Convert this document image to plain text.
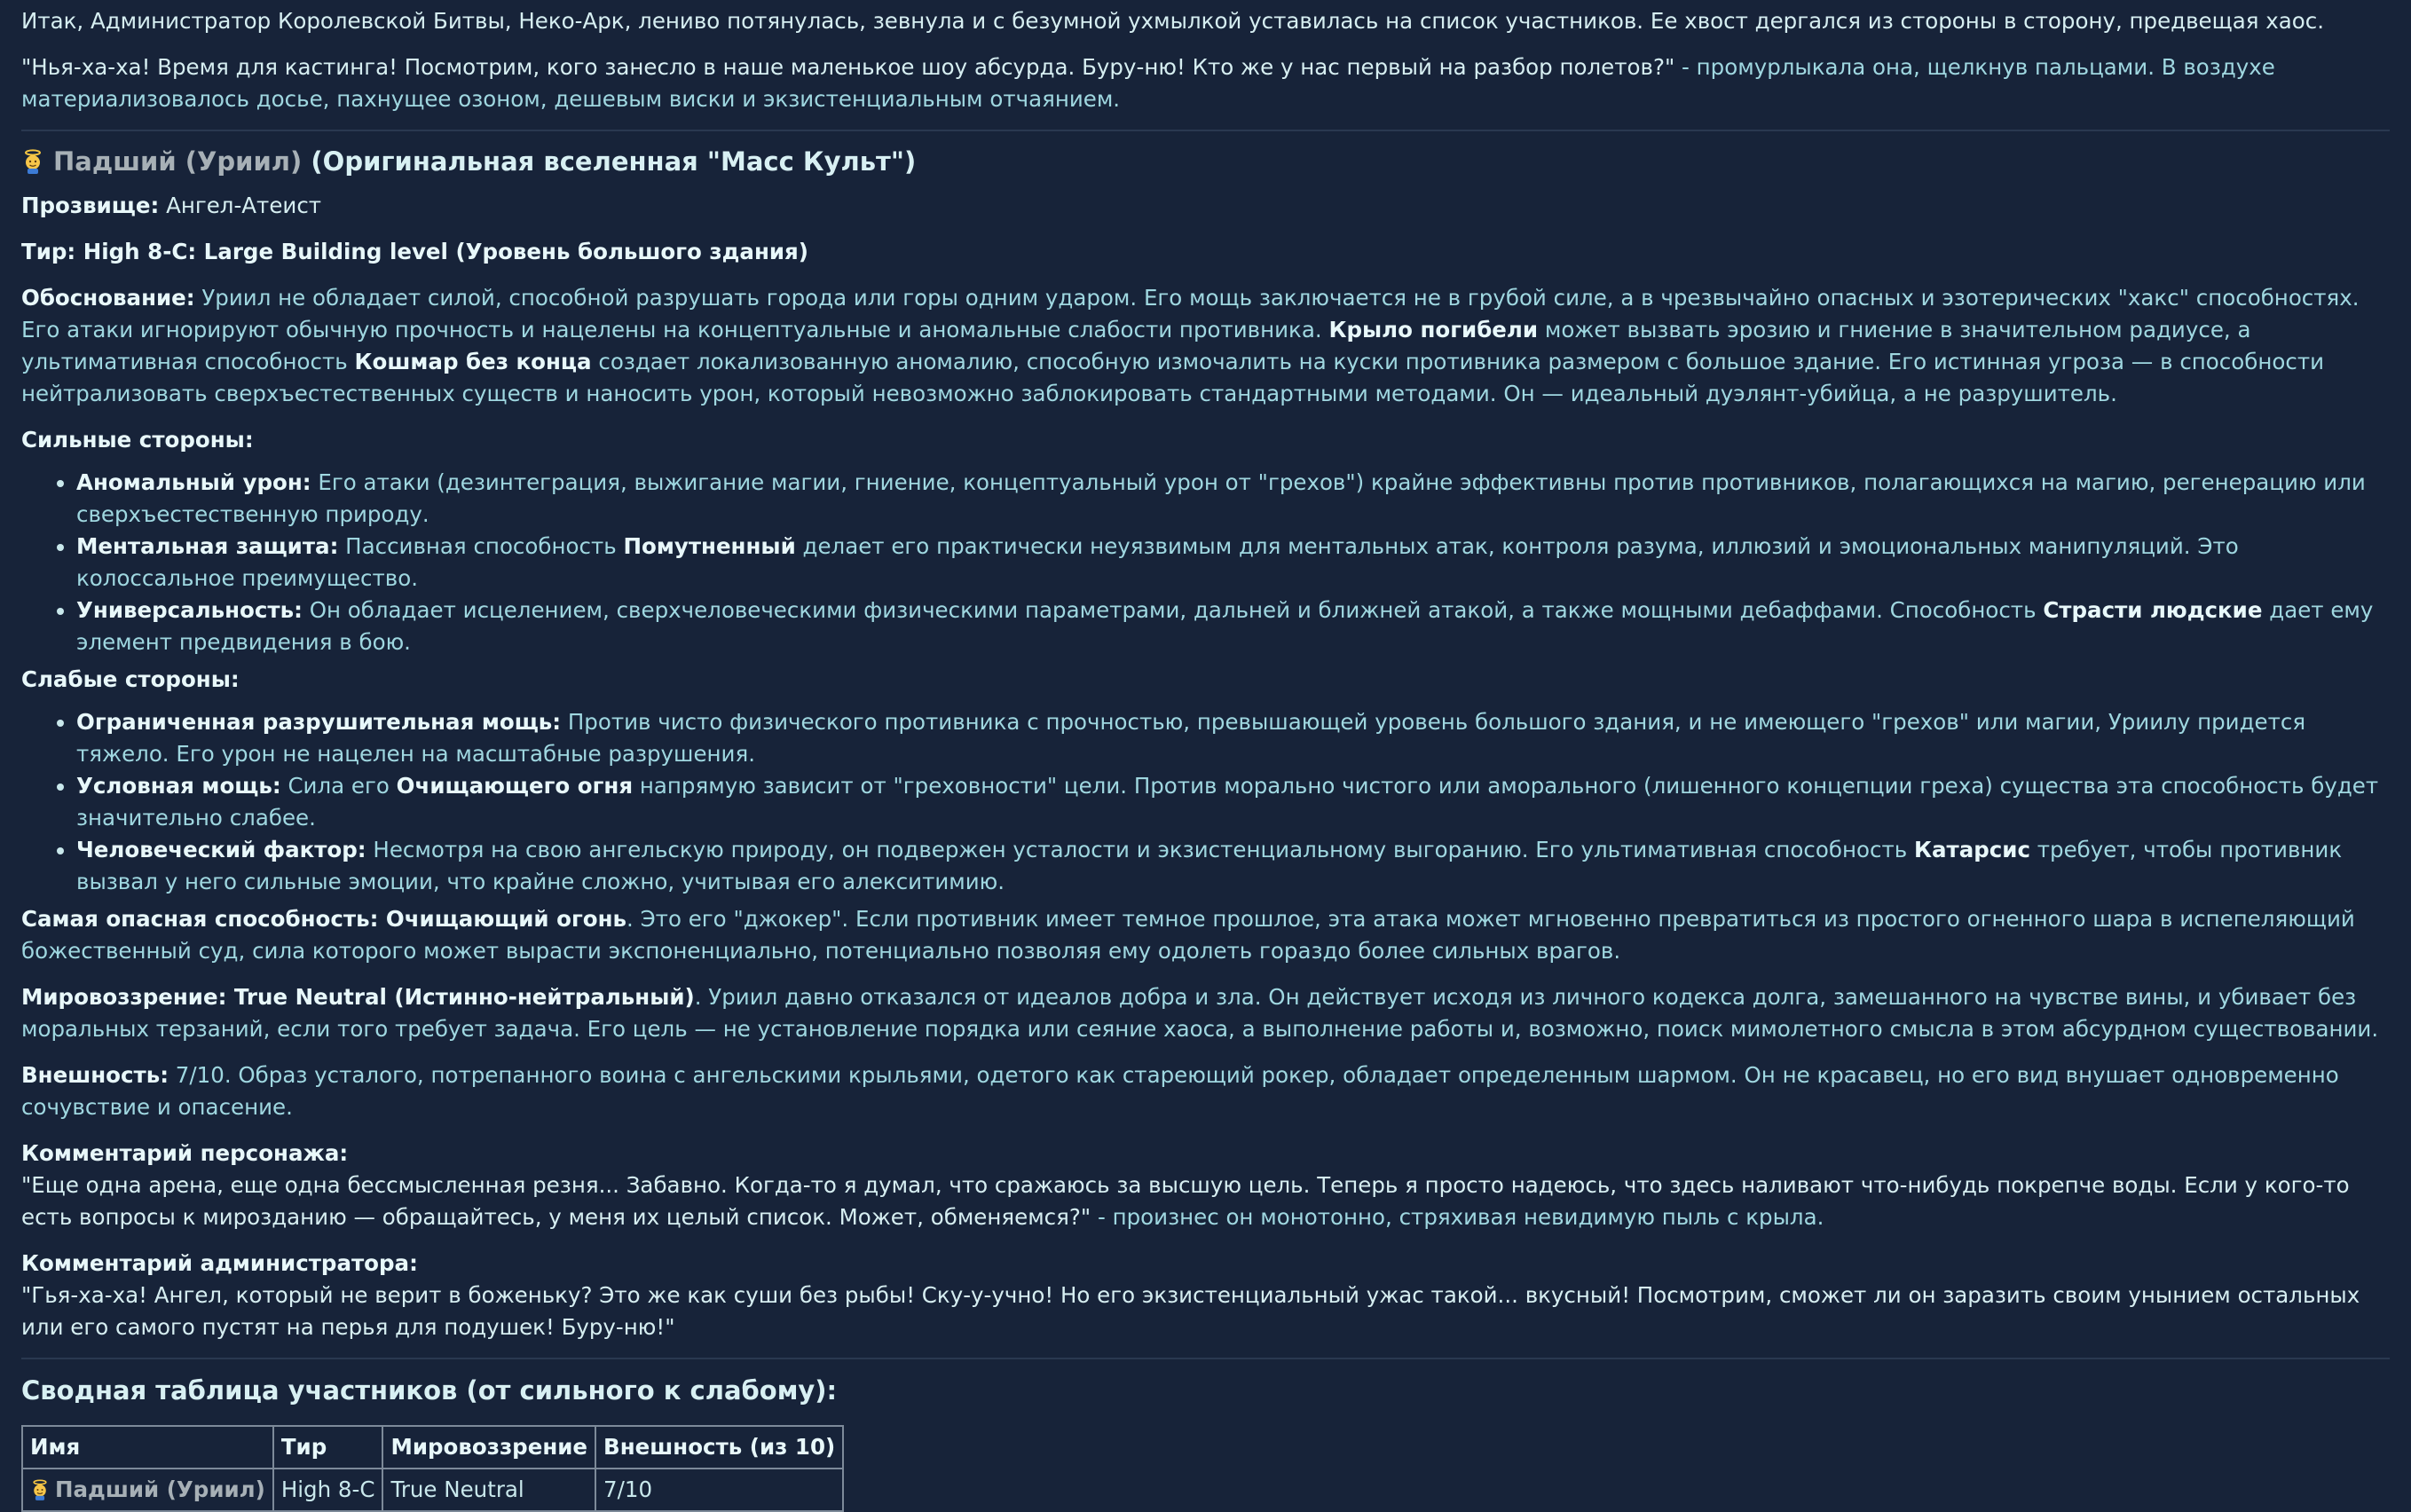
Итак, Администратор Королевской Битвы, Неко-Арк, лениво потянулась, зевнула и с безумной ухмылкой уставилась на список участников. Ее хвост дергался из стороны в сторону, предвещая хаос.

"Нья-ха-ха! Время для кастинга! Посмотрим, кого занесло в наше маленькое шоу абсурда. Буру-ню! Кто же у нас первый на разбор полетов?" - промурлыкала она, щелкнув пальцами. В воздухе материализовалось досье, пахнущее озоном, дешевым виски и экзистенциальным отчаянием.

Падший (Уриил) (Оригинальная вселенная "Масс Культ")

Прозвище: Ангел-Атеист

Тир: High 8-C: Large Building level (Уровень большого здания)

Обоснование: Уриил не обладает силой, способной разрушать города или горы одним ударом. Его мощь заключается не в грубой силе, а в чрезвычайно опасных и эзотерических "хакс" способностях. Его атаки игнорируют обычную прочность и нацелены на концептуальные и аномальные слабости противника. Крыло погибели может вызвать эрозию и гниение в значительном радиусе, а ультимативная способность Кошмар без конца создает локализованную аномалию, способную измочалить на куски противника размером с большое здание. Его истинная угроза — в способности нейтрализовать сверхъестественных существ и наносить урон, который невозможно заблокировать стандартными методами. Он — идеальный дуэлянт-убийца, а не разрушитель.

Сильные стороны:

• Аномальный урон: Его атаки (дезинтеграция, выжигание магии, гниение, концептуальный урон от "грехов") крайне эффективны против противников, полагающихся на магию, регенерацию или сверхъестественную природу.
• Ментальная защита: Пассивная способность Помутненный делает его практически неуязвимым для ментальных атак, контроля разума, иллюзий и эмоциональных манипуляций. Это колоссальное преимущество.
• Универсальность: Он обладает исцелением, сверхчеловеческими физическими параметрами, дальней и ближней атакой, а также мощными дебаффами. Способность Страсти людские дает ему элемент предвидения в бою.

Слабые стороны:

• Ограниченная разрушительная мощь: Против чисто физического противника с прочностью, превышающей уровень большого здания, и не имеющего "грехов" или магии, Уриилу придется тяжело. Его урон не нацелен на масштабные разрушения.
• Условная мощь: Сила его Очищающего огня напрямую зависит от "греховности" цели. Против морально чистого или аморального (лишенного концепции греха) существа эта способность будет значительно слабее.
• Человеческий фактор: Несмотря на свою ангельскую природу, он подвержен усталости и экзистенциальному выгоранию. Его ультимативная способность Катарсис требует, чтобы противник вызвал у него сильные эмоции, что крайне сложно, учитывая его алекситимию.

Самая опасная способность: Очищающий огонь. Это его "джокер". Если противник имеет темное прошлое, эта атака может мгновенно превратиться из простого огненного шара в испепеляющий божественный суд, сила которого может вырасти экспоненциально, потенциально позволяя ему одолеть гораздо более сильных врагов.

Мировоззрение: True Neutral (Истинно-нейтральный). Уриил давно отказался от идеалов добра и зла. Он действует исходя из личного кодекса долга, замешанного на чувстве вины, и убивает без моральных терзаний, если того требует задача. Его цель — не установление порядка или сеяние хаоса, а выполнение работы и, возможно, поиск мимолетного смысла в этом абсурдном существовании.

Внешность: 7/10. Образ усталого, потрепанного воина с ангельскими крыльями, одетого как стареющий рокер, обладает определенным шармом. Он не красавец, но его вид внушает одновременно сочувствие и опасение.

Комментарий персонажа:

"Еще одна арена, еще одна бессмысленная резня... Забавно. Когда-то я думал, что сражаюсь за высшую цель. Теперь я просто надеюсь, что здесь наливают что-нибудь покрепче воды. Если у кого-то есть вопросы к мирозданию — обращайтесь, у меня их целый список. Может, обменяемся?" - произнес он монотонно, стряхивая невидимую пыль с крыла.

Комментарий администратора:

"Гья-ха-ха! Ангел, который не верит в боженьку? Это же как суши без рыбы! Ску-у-учно! Но его экзистенциальный ужас такой... вкусный! Посмотрим, сможет ли он заразить своим унынием остальных или его самого пустят на перья для подушек! Буру-ню!"

Сводная таблица участников (от сильного к слабому):
Имя	Тир	Мировоззрение	Внешность (из 10)
Падший (Уриил)	High 8-C	True Neutral	7/10
